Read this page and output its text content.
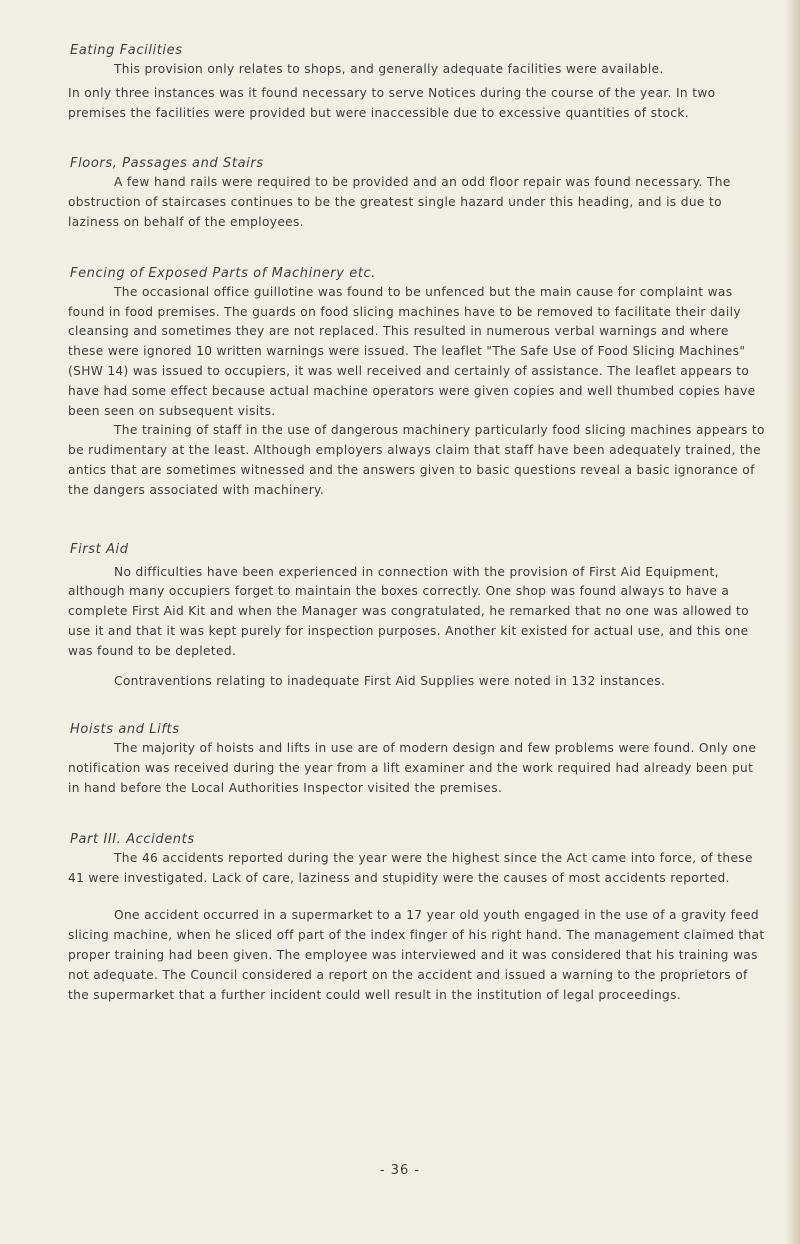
Eating Facilities

This provision only relates to shops, and generally adequate facilities were available.

In only three instances was it found necessary to serve Notices during the course of the year. In two premises the facilities were provided but were inaccessible due to excessive quantities of stock.

Floors, Passages and Stairs

A few hand rails were required to be provided and an odd floor repair was found necessary. The obstruction of staircases continues to be the greatest single hazard under this heading, and is due to laziness on behalf of the employees.

Fencing of Exposed Parts of Machinery etc.

The occasional office guillotine was found to be unfenced but the main cause for complaint was found in food premises. The guards on food slicing machines have to be removed to facilitate their daily cleansing and sometimes they are not replaced. This resulted in numerous verbal warnings and where these were ignored 10 written warnings were issued. The leaflet "The Safe Use of Food Slicing Machines" (SHW 14) was issued to occupiers, it was well received and certainly of assistance. The leaflet appears to have had some effect because actual machine operators were given copies and well thumbed copies have been seen on subsequent visits.

The training of staff in the use of dangerous machinery particularly food slicing machines appears to be rudimentary at the least. Although employers always claim that staff have been adequately trained, the antics that are sometimes witnessed and the answers given to basic questions reveal a basic ignorance of the dangers associated with machinery.

First Aid

No difficulties have been experienced in connection with the provision of First Aid Equipment, although many occupiers forget to maintain the boxes correctly. One shop was found always to have a complete First Aid Kit and when the Manager was congratulated, he remarked that no one was allowed to use it and that it was kept purely for inspection purposes. Another kit existed for actual use, and this one was found to be depleted.

Contraventions relating to inadequate First Aid Supplies were noted in 132 instances.

Hoists and Lifts

The majority of hoists and lifts in use are of modern design and few problems were found. Only one notification was received during the year from a lift examiner and the work required had already been put in hand before the Local Authorities Inspector visited the premises.

Part III. Accidents

The 46 accidents reported during the year were the highest since the Act came into force, of these 41 were investigated. Lack of care, laziness and stupidity were the causes of most accidents reported.

One accident occurred in a supermarket to a 17 year old youth engaged in the use of a gravity feed slicing machine, when he sliced off part of the index finger of his right hand. The management claimed that proper training had been given. The employee was interviewed and it was considered that his training was not adequate. The Council considered a report on the accident and issued a warning to the proprietors of the supermarket that a further incident could well result in the institution of legal proceedings.

- 36 -
